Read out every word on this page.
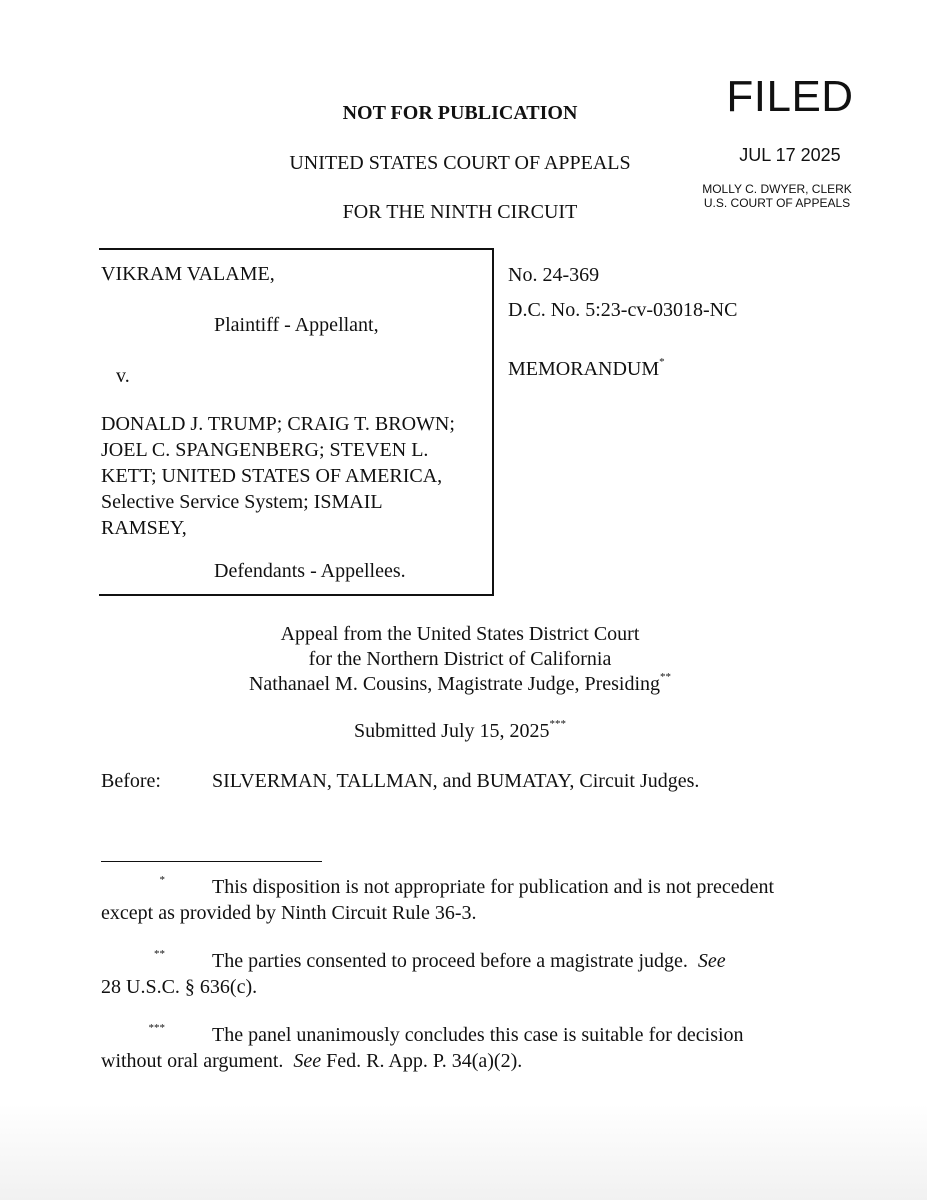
NOT FOR PUBLICATION
UNITED STATES COURT OF APPEALS
FOR THE NINTH CIRCUIT
FILED
JUL 17 2025
MOLLY C. DWYER, CLERK
U.S. COURT OF APPEALS
VIKRAM VALAME,
Plaintiff - Appellant,
v.
DONALD J. TRUMP; CRAIG T. BROWN;
JOEL C. SPANGENBERG; STEVEN L.
KETT; UNITED STATES OF AMERICA,
Selective Service System; ISMAIL
RAMSEY,
Defendants - Appellees.
No. 24-369
D.C. No. 5:23-cv-03018-NC
MEMORANDUM*
Appeal from the United States District Court
for the Northern District of California
Nathanael M. Cousins, Magistrate Judge, Presiding**
Submitted July 15, 2025***
Before:	SILVERMAN, TALLMAN, and BUMATAY, Circuit Judges.
* This disposition is not appropriate for publication and is not precedent
except as provided by Ninth Circuit Rule 36-3.
** The parties consented to proceed before a magistrate judge. See
28 U.S.C. § 636(c).
*** The panel unanimously concludes this case is suitable for decision
without oral argument. See Fed. R. App. P. 34(a)(2).
